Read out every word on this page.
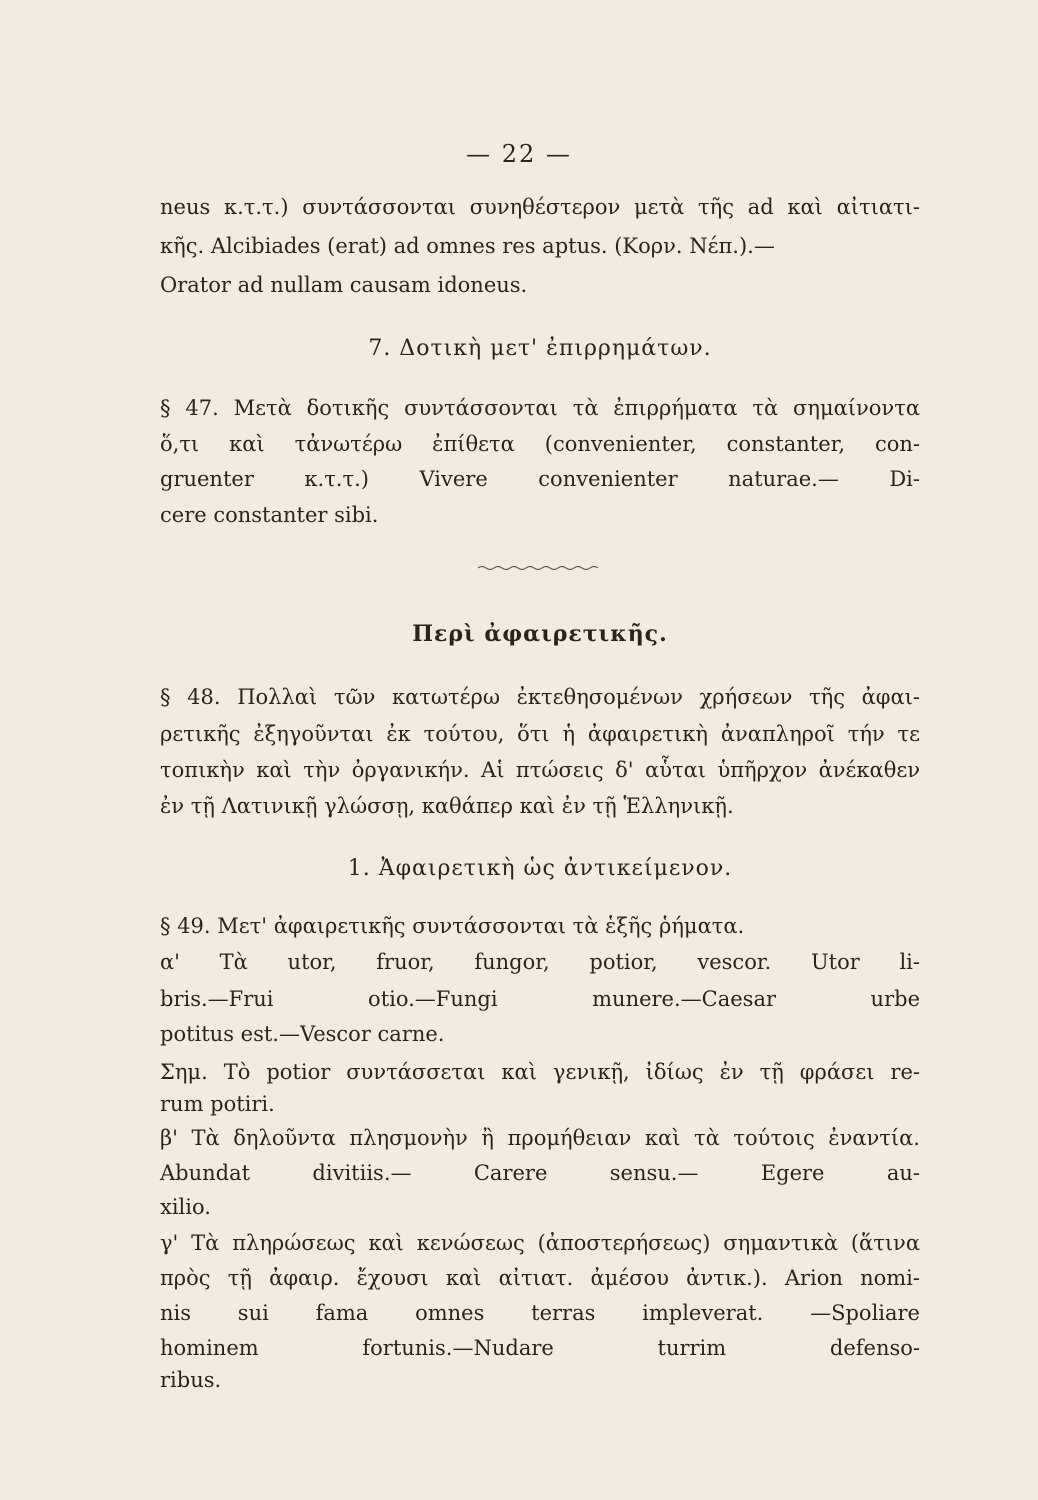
— 22 —
neus κ.τ.τ.) συντάσσονται συνηθέστερον μετὰ τῆς ad καὶ αἰτιατι-
κῆς. Alcibiades (erat) ad omnes res aptus. (Κορν. Νέπ.).—
Orator ad nullam causam idoneus.
7. Δοτικὴ μετ' ἐπιρρημάτων.
§ 47. Μετὰ δοτικῆς συντάσσονται τὰ ἐπιρρήματα τὰ σημαίνοντα
ὅ,τι καὶ τἀνωτέρω ἐπίθετα (convenienter, constanter, con-
gruenter κ.τ.τ.) Vivere convenienter naturae.— Di-
cere constanter sibi.
Περὶ ἀφαιρετικῆς.
§ 48. Πολλαὶ τῶν κατωτέρω ἐκτεθησομένων χρήσεων τῆς ἀφαι-
ρετικῆς ἐξηγοῦνται ἐκ τούτου, ὅτι ἡ ἀφαιρετικὴ ἀναπληροῖ τήν τε
τοπικὴν καὶ τὴν ὀργανικήν. Αἱ πτώσεις δ' αὗται ὑπῆρχον ἀνέκαθεν
ἐν τῇ Λατινικῇ γλώσσῃ, καθάπερ καὶ ἐν τῇ Ἑλληνικῇ.
1. Ἀφαιρετικὴ ὡς ἀντικείμενον.
§ 49. Μετ' ἀφαιρετικῆς συντάσσονται τὰ ἑξῆς ῥήματα.
α' Τὰ utor, fruor, fungor, potior, vescor. Utor li-
bris.—Frui otio.—Fungi munere.—Caesar urbe
potitus est.—Vescor carne.
Σημ. Τὸ potior συντάσσεται καὶ γενικῇ, ἰδίως ἐν τῇ φράσει re-
rum potiri.
β' Τὰ δηλοῦντα πλησμονὴν ἢ προμήθειαν καὶ τὰ τούτοις ἐναντία.
Abundat divitiis.— Carere sensu.— Egere au-
xilio.
γ' Τὰ πληρώσεως καὶ κενώσεως (ἀποστερήσεως) σημαντικὰ (ἅτινα
πρὸς τῇ ἀφαιρ. ἔχουσι καὶ αἰτιατ. ἀμέσου ἀντικ.). Arion nomi-
nis sui fama omnes terras impleverat. —Spoliare
hominem fortunis.—Nudare turrim defenso-
ribus.
